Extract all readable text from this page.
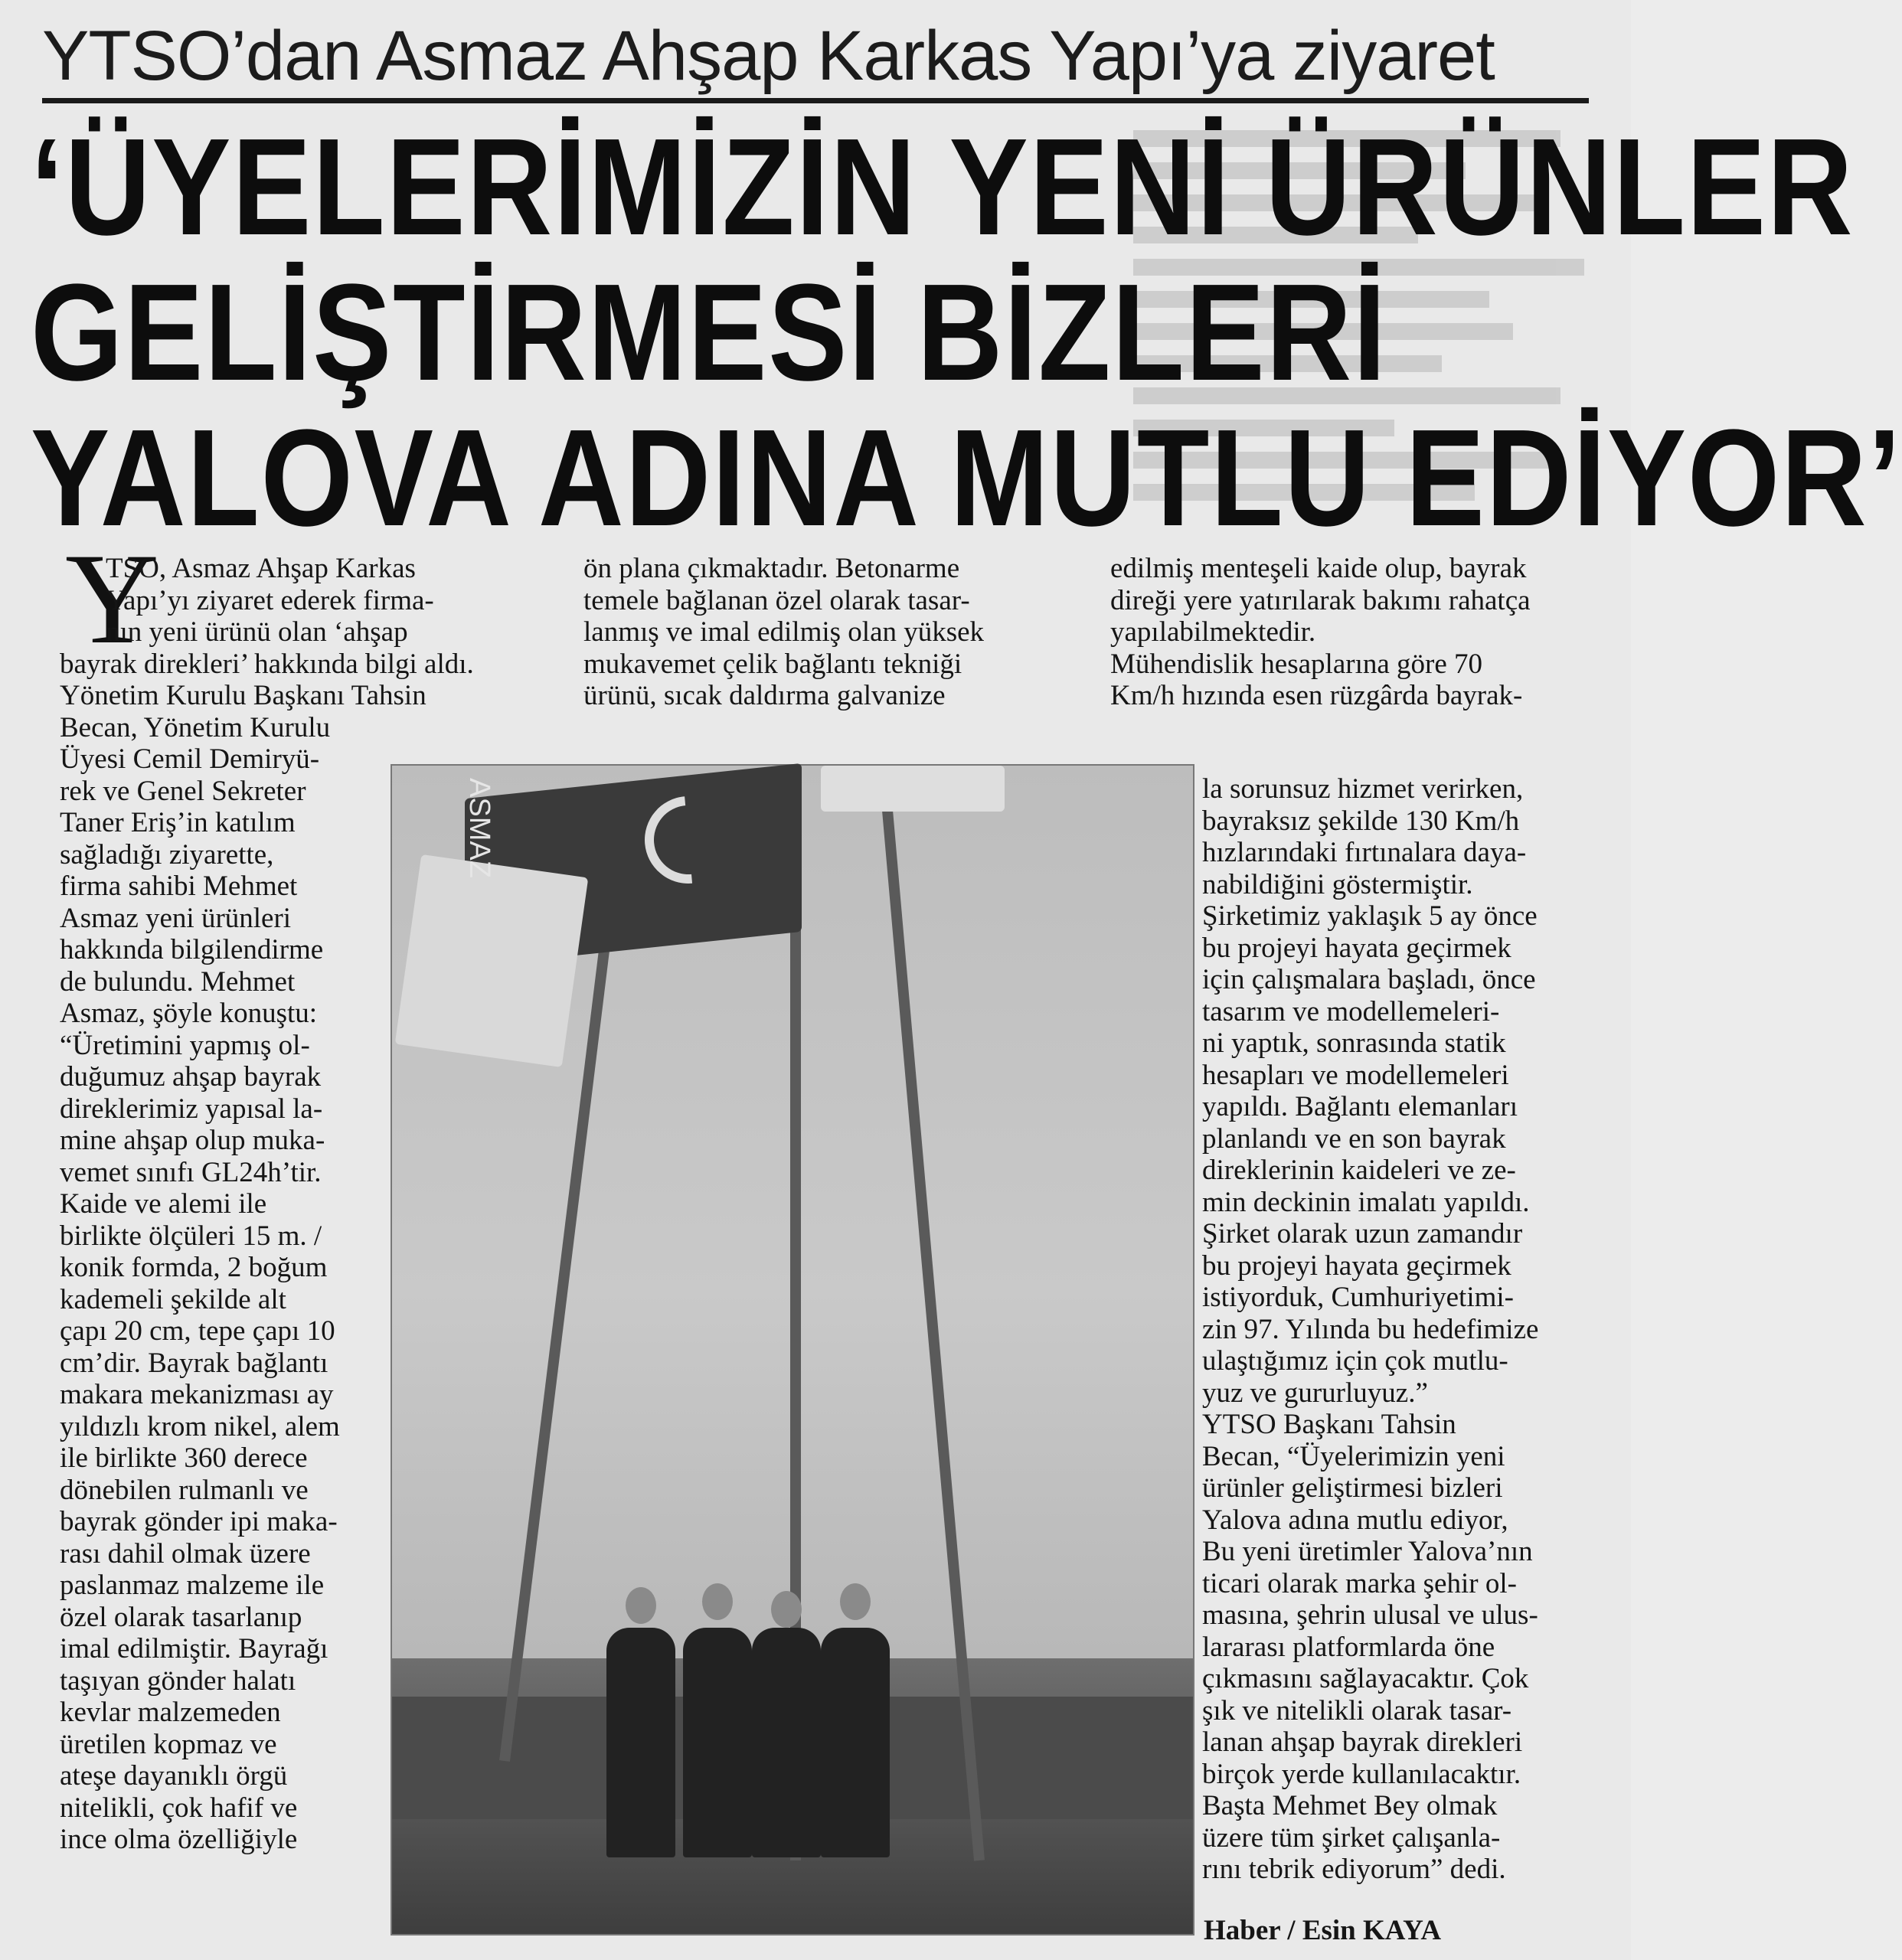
YTSO’dan Asmaz Ahşap Karkas Yapı’ya ziyaret
‘ÜYELERİMİZİN YENİ ÜRÜNLER
GELİŞTİRMESİ BİZLERİ
YALOVA ADINA MUTLU EDİYOR’
Y

TSO, Asmaz Ahşap Karkas

Yapı’yı ziyaret ederek firma-

nın yeni ürünü olan ‘ahşap

bayrak direkleri’ hakkında bilgi aldı.

Yönetim Kurulu Başkanı Tahsin

Becan, Yönetim Kurulu

Üyesi Cemil Demiryü-

rek ve Genel Sekreter

Taner Eriş’in katılım

sağladığı ziyarette,

firma sahibi Mehmet

Asmaz yeni ürünleri

hakkında bilgilendirme

de bulundu. Mehmet

Asmaz, şöyle konuştu:

“Üretimini yapmış ol-

duğumuz ahşap bayrak

direklerimiz yapısal la-

mine ahşap olup muka-

vemet sınıfı GL24h’tir.

Kaide ve alemi ile

birlikte ölçüleri 15 m. /

konik formda, 2 boğum

kademeli şekilde alt

çapı 20 cm, tepe çapı 10

cm’dir. Bayrak bağlantı

makara mekanizması ay

yıldızlı krom nikel, alem

ile birlikte 360 derece

dönebilen rulmanlı ve

bayrak gönder ipi maka-

rası dahil olmak üzere

paslanmaz malzeme ile

özel olarak tasarlanıp

imal edilmiştir. Bayrağı

taşıyan gönder halatı

kevlar malzemeden

üretilen kopmaz ve

ateşe dayanıklı örgü

nitelikli, çok hafif ve

ince olma özelliğiyle

ön plana çıkmaktadır. Betonarme

temele bağlanan özel olarak tasar-

lanmış ve imal edilmiş olan yüksek

mukavemet çelik bağlantı tekniği

ürünü, sıcak daldırma galvanize

edilmiş menteşeli kaide olup, bayrak

direği yere yatırılarak bakımı rahatça

yapılabilmektedir.

Mühendislik hesaplarına göre 70

Km/h hızında esen rüzgârda bayrak-

la sorunsuz hizmet verirken,

bayraksız şekilde 130 Km/h

hızlarındaki fırtınalara daya-

nabildiğini göstermiştir.

Şirketimiz yaklaşık 5 ay önce

bu projeyi hayata geçirmek

için çalışmalara başladı, önce

tasarım ve modellemeleri-

ni yaptık, sonrasında statik

hesapları ve modellemeleri

yapıldı. Bağlantı elemanları

planlandı ve en son bayrak

direklerinin kaideleri ve ze-

min deckinin imalatı yapıldı.

Şirket olarak uzun zamandır

bu projeyi hayata geçirmek

istiyorduk, Cumhuriyetimi-

zin 97. Yılında bu hedefimize

ulaştığımız için çok mutlu-

yuz ve gururluyuz.”

YTSO Başkanı Tahsin

Becan, “Üyelerimizin yeni

ürünler geliştirmesi bizleri

Yalova adına mutlu ediyor,

Bu yeni üretimler Yalova’nın

ticari olarak marka şehir ol-

masına, şehrin ulusal ve ulus-

lararası platformlarda öne

çıkmasını sağlayacaktır. Çok

şık ve nitelikli olarak tasar-

lanan ahşap bayrak direkleri

birçok yerde kullanılacaktır.

Başta Mehmet Bey olmak

üzere tüm şirket çalışanla-

rını tebrik ediyorum” dedi.

ASMAZ
Haber / Esin KAYA
